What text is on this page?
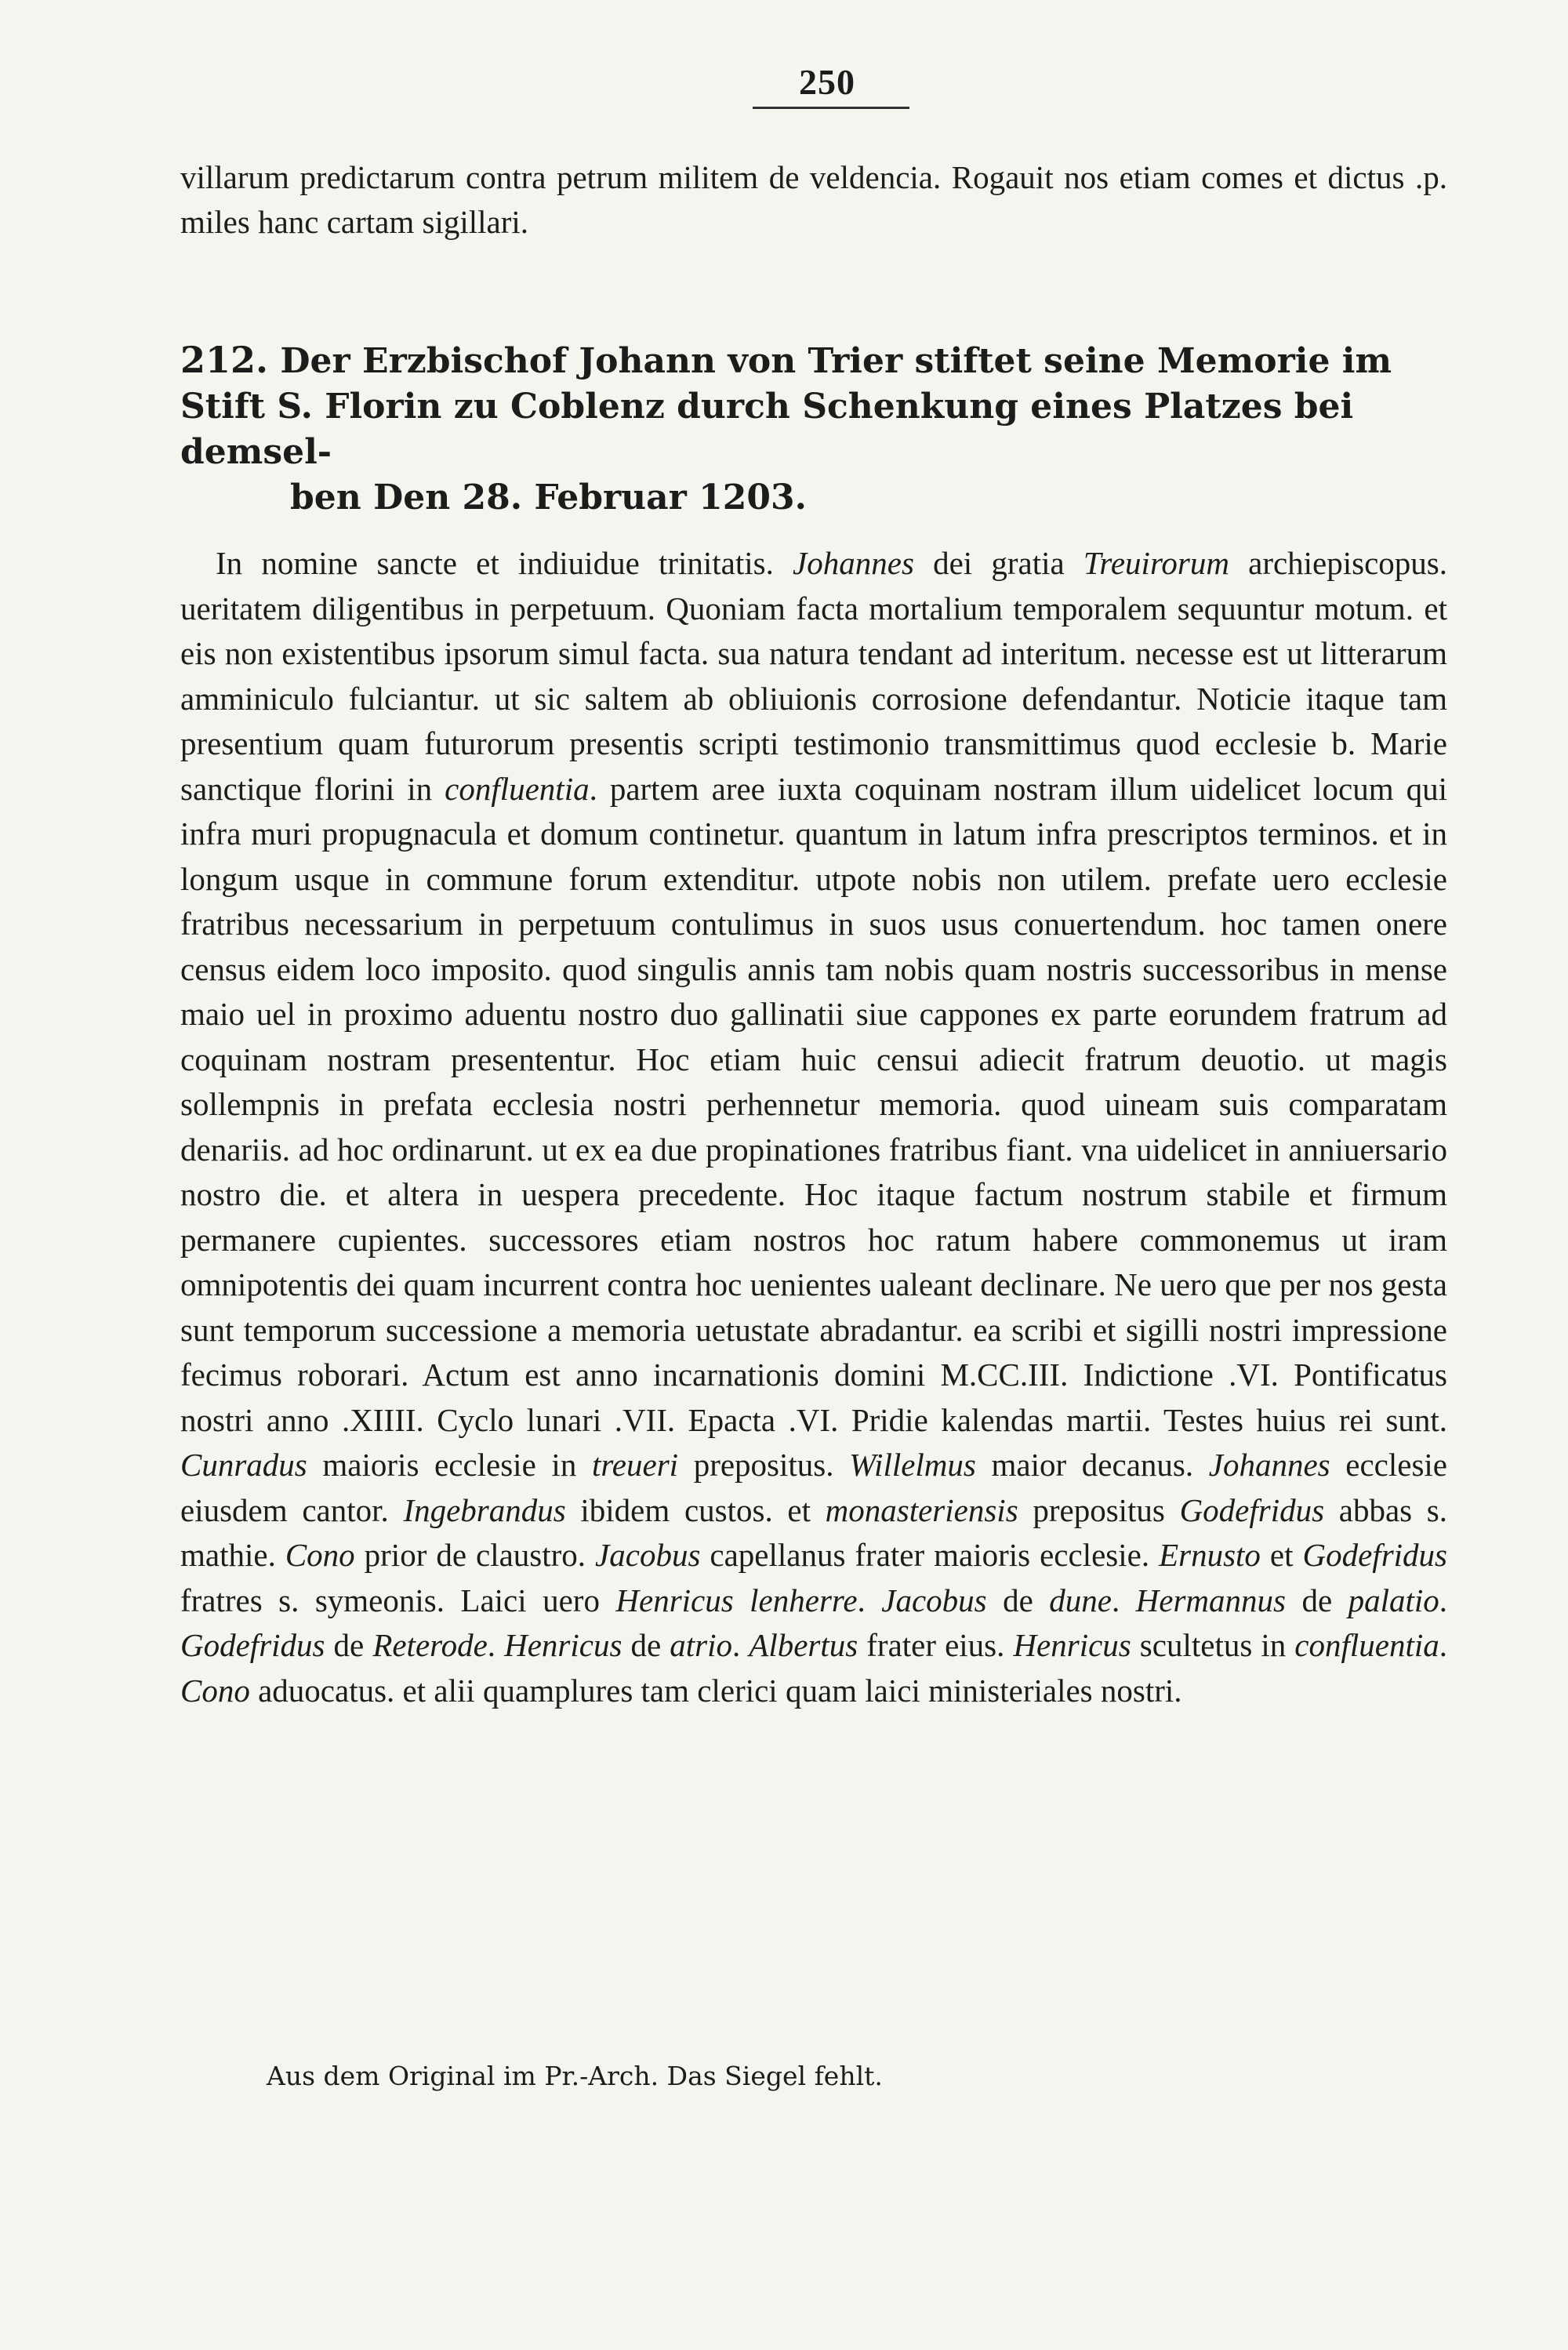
250

villarum predictarum contra petrum militem de veldencia. Rogauit nos etiam comes et dictus .p. miles hanc cartam sigillari.

212. Der Erzbischof Johann von Trier stiftet seine Memorie im Stift S. Florin zu Coblenz durch Schenkung eines Platzes bei demsel-
ben Den 28. Februar 1203.

In nomine sancte et indiuidue trinitatis. Johannes dei gratia Treuirorum archiepiscopus. ueritatem diligentibus in perpetuum. Quoniam facta mortalium temporalem sequuntur motum. et eis non existentibus ipsorum simul facta. sua natura tendant ad interitum. necesse est ut litterarum amminiculo fulciantur. ut sic saltem ab obliuionis corrosione defendantur. Noticie itaque tam presentium quam futurorum presentis scripti testimonio transmittimus quod ecclesie b. Marie sanctique florini in confluentia. partem aree iuxta coquinam nostram illum uidelicet locum qui infra muri propugnacula et domum continetur. quantum in latum infra prescriptos terminos. et in longum usque in commune forum extenditur. utpote nobis non utilem. prefate uero ecclesie fratribus necessarium in perpetuum contulimus in suos usus conuertendum. hoc tamen onere census eidem loco imposito. quod singulis annis tam nobis quam nostris successoribus in mense maio uel in proximo aduentu nostro duo gallinatii siue cappones ex parte eorundem fratrum ad coquinam nostram presententur. Hoc etiam huic censui adiecit fratrum deuotio. ut magis sollempnis in prefata ecclesia nostri perhennetur memoria. quod uineam suis comparatam denariis. ad hoc ordinarunt. ut ex ea due propinationes fratribus fiant. vna uidelicet in anniuersario nostro die. et altera in uespera precedente. Hoc itaque factum nostrum stabile et firmum permanere cupientes. successores etiam nostros hoc ratum habere commonemus ut iram omnipotentis dei quam incurrent contra hoc uenientes ualeant declinare. Ne uero que per nos gesta sunt temporum successione a memoria uetustate abradantur. ea scribi et sigilli nostri impressione fecimus roborari. Actum est anno incarnationis domini M.CC.III. Indictione .VI. Pontificatus nostri anno .XIIII. Cyclo lunari .VII. Epacta .VI. Pridie kalendas martii. Testes huius rei sunt. Cunradus maioris ecclesie in treueri prepositus. Willelmus maior decanus. Johannes ecclesie eiusdem cantor. Ingebrandus ibidem custos. et monasteriensis prepositus Godefridus abbas s. mathie. Cono prior de claustro. Jacobus capellanus frater maioris ecclesie. Ernusto et Godefridus fratres s. symeonis. Laici uero Henricus lenherre. Jacobus de dune. Hermannus de palatio. Godefridus de Reterode. Henricus de atrio. Albertus frater eius. Henricus scultetus in confluentia. Cono aduocatus. et alii quamplures tam clerici quam laici ministeriales nostri.

Aus dem Original im Pr.-Arch. Das Siegel fehlt.
